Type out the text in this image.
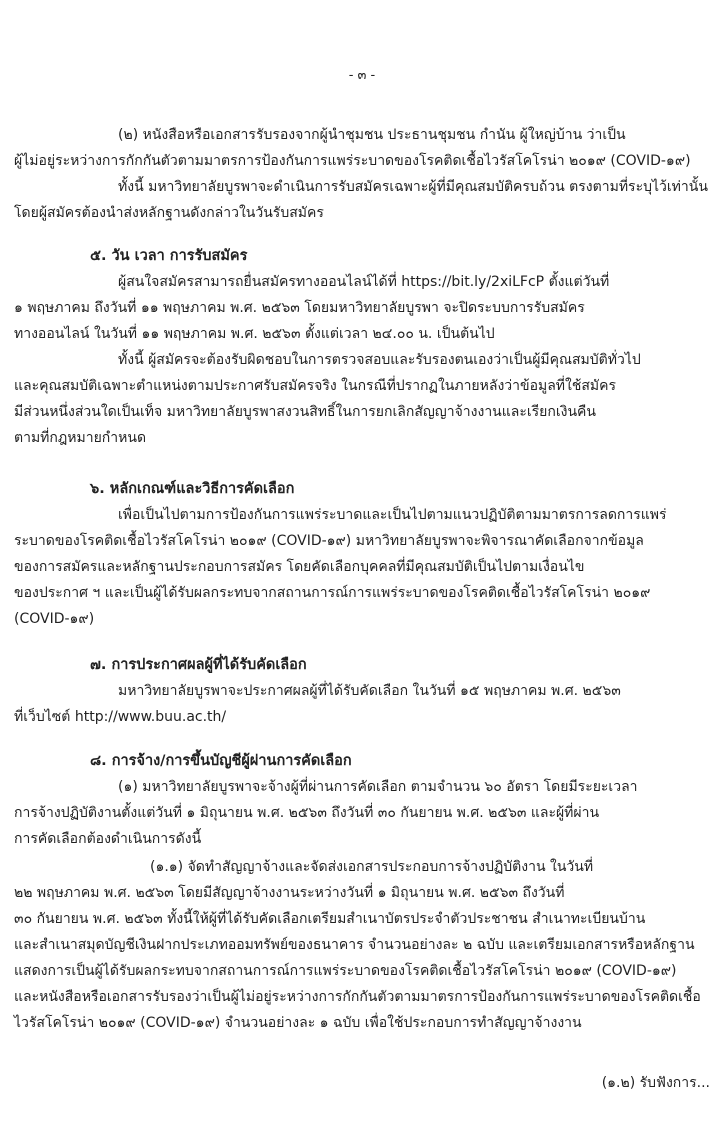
- ๓ -
(๒) หนังสือหรือเอกสารรับรองจากผู้นำชุมชน ประธานชุมชน กำนัน ผู้ใหญ่บ้าน ว่าเป็น
ผู้ไม่อยู่ระหว่างการกักกันตัวตามมาตรการป้องกันการแพร่ระบาดของโรคติดเชื้อไวรัสโคโรน่า ๒๐๑๙ (COVID-๑๙)
ทั้งนี้ มหาวิทยาลัยบูรพาจะดำเนินการรับสมัครเฉพาะผู้ที่มีคุณสมบัติครบถ้วน ตรงตามที่ระบุไว้เท่านั้น
โดยผู้สมัครต้องนำส่งหลักฐานดังกล่าวในวันรับสมัคร
๕. วัน เวลา การรับสมัคร
ผู้สนใจสมัครสามารถยื่นสมัครทางออนไลน์ได้ที่ https://bit.ly/2xiLFcP ตั้งแต่วันที่
๑ พฤษภาคม ถึงวันที่ ๑๑ พฤษภาคม พ.ศ. ๒๕๖๓ โดยมหาวิทยาลัยบูรพา จะปิดระบบการรับสมัคร
ทางออนไลน์ ในวันที่ ๑๑ พฤษภาคม พ.ศ. ๒๕๖๓ ตั้งแต่เวลา ๒๔.๐๐ น. เป็นต้นไป
ทั้งนี้ ผู้สมัครจะต้องรับผิดชอบในการตรวจสอบและรับรองตนเองว่าเป็นผู้มีคุณสมบัติทั่วไป
และคุณสมบัติเฉพาะตำแหน่งตามประกาศรับสมัครจริง ในกรณีที่ปรากฏในภายหลังว่าข้อมูลที่ใช้สมัคร
มีส่วนหนึ่งส่วนใดเป็นเท็จ มหาวิทยาลัยบูรพาสงวนสิทธิ์ในการยกเลิกสัญญาจ้างงานและเรียกเงินคืน
ตามที่กฎหมายกำหนด
๖. หลักเกณฑ์และวิธีการคัดเลือก
เพื่อเป็นไปตามการป้องกันการแพร่ระบาดและเป็นไปตามแนวปฏิบัติตามมาตรการลดการแพร่
ระบาดของโรคติดเชื้อไวรัสโคโรน่า ๒๐๑๙ (COVID-๑๙) มหาวิทยาลัยบูรพาจะพิจารณาคัดเลือกจากข้อมูล
ของการสมัครและหลักฐานประกอบการสมัคร โดยคัดเลือกบุคคลที่มีคุณสมบัติเป็นไปตามเงื่อนไข
ของประกาศ ฯ และเป็นผู้ได้รับผลกระทบจากสถานการณ์การแพร่ระบาดของโรคติดเชื้อไวรัสโคโรน่า ๒๐๑๙
(COVID-๑๙)
๗. การประกาศผลผู้ที่ได้รับคัดเลือก
มหาวิทยาลัยบูรพาจะประกาศผลผู้ที่ได้รับคัดเลือก ในวันที่ ๑๕ พฤษภาคม พ.ศ. ๒๕๖๓
ที่เว็บไซต์ http://www.buu.ac.th/
๘. การจ้าง/การขึ้นบัญชีผู้ผ่านการคัดเลือก
(๑) มหาวิทยาลัยบูรพาจะจ้างผู้ที่ผ่านการคัดเลือก ตามจำนวน ๖๐ อัตรา โดยมีระยะเวลา
การจ้างปฏิบัติงานตั้งแต่วันที่ ๑ มิถุนายน พ.ศ. ๒๕๖๓ ถึงวันที่ ๓๐ กันยายน พ.ศ. ๒๕๖๓ และผู้ที่ผ่าน
การคัดเลือกต้องดำเนินการดังนี้
(๑.๑) จัดทำสัญญาจ้างและจัดส่งเอกสารประกอบการจ้างปฏิบัติงาน ในวันที่
๒๒ พฤษภาคม พ.ศ. ๒๕๖๓ โดยมีสัญญาจ้างงานระหว่างวันที่ ๑ มิถุนายน พ.ศ. ๒๕๖๓ ถึงวันที่
๓๐ กันยายน พ.ศ. ๒๕๖๓ ทั้งนี้ให้ผู้ที่ได้รับคัดเลือกเตรียมสำเนาบัตรประจำตัวประชาชน สำเนาทะเบียนบ้าน
และสำเนาสมุดบัญชีเงินฝากประเภทออมทรัพย์ของธนาคาร จำนวนอย่างละ ๒ ฉบับ และเตรียมเอกสารหรือหลักฐาน
แสดงการเป็นผู้ได้รับผลกระทบจากสถานการณ์การแพร่ระบาดของโรคติดเชื้อไวรัสโคโรน่า ๒๐๑๙ (COVID-๑๙)
และหนังสือหรือเอกสารรับรองว่าเป็นผู้ไม่อยู่ระหว่างการกักกันตัวตามมาตรการป้องกันการแพร่ระบาดของโรคติดเชื้อ
ไวรัสโคโรน่า ๒๐๑๙ (COVID-๑๙) จำนวนอย่างละ ๑ ฉบับ เพื่อใช้ประกอบการทำสัญญาจ้างงาน
(๑.๒) รับฟังการ...
